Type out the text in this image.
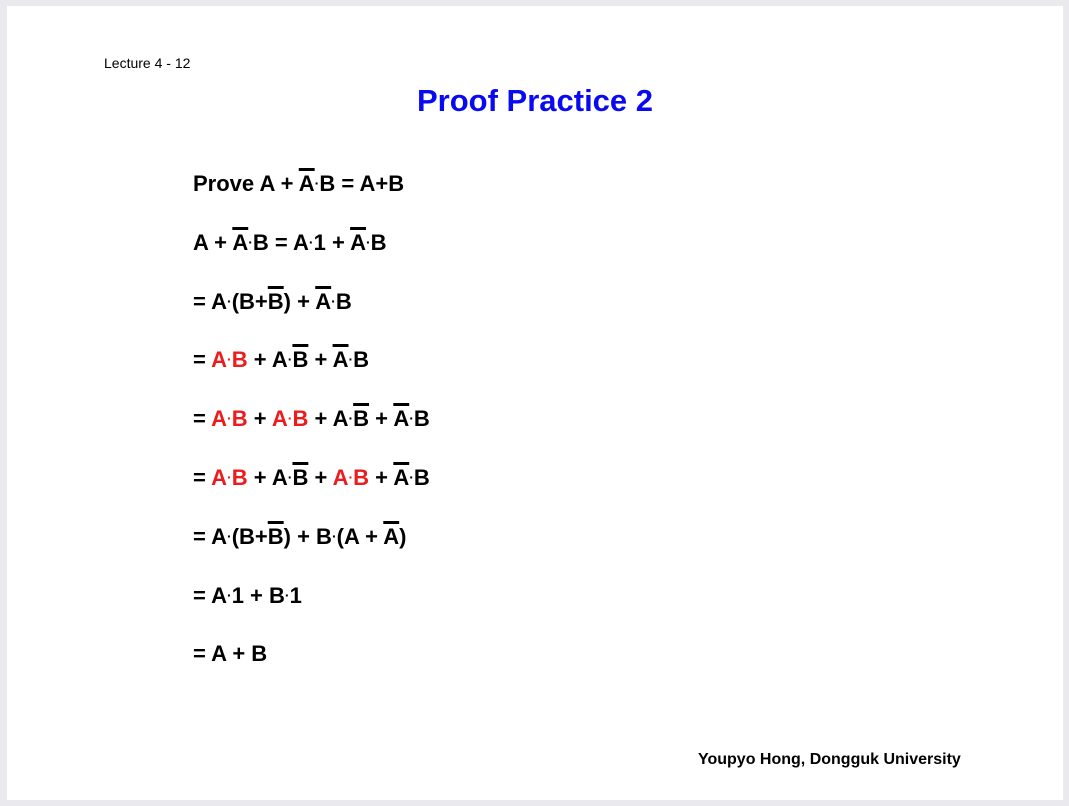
Lecture 4 - 12
Proof Practice 2
Prove $A + \overline{A}\cdot B = A+B$
$A + \overline{A}\cdot B = A\cdot 1 + \overline{A}\cdot B$
= $A\cdot(B+\overline{B}) + \overline{A}\cdot B$
= $A\cdot B + A\cdot\overline{B} + \overline{A}\cdot B$
= $A\cdot B + A\cdot B + A\cdot\overline{B} + \overline{A}\cdot B$
= $A\cdot B + A\cdot\overline{B} + A\cdot B + \overline{A}\cdot B$
= $A\cdot(B+\overline{B}) + B\cdot(A + \overline{A})$
= A·1 + B·1
= A + B
Youpyo Hong, Dongguk University
